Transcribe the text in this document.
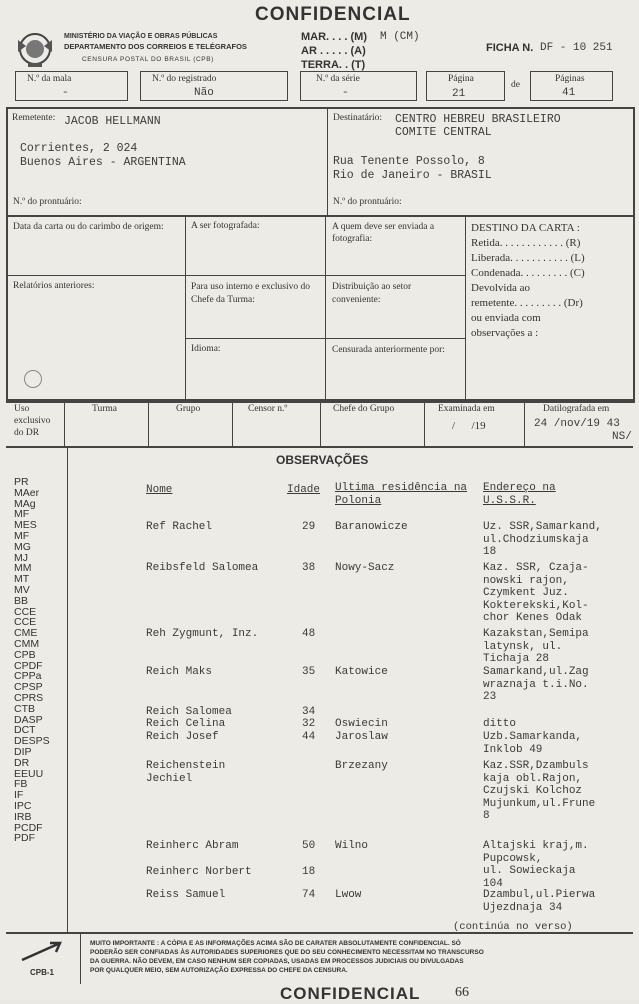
CONFIDENCIAL
MINISTÉRIO DA VIAÇÃO E OBRAS PÚBLICAS
DEPARTAMENTO DOS CORREIOS E TELÉGRAFOS
CENSURA POSTAL DO BRASIL (CPB)
MAR. . . . (M) M (CM)
AR . . . . . (A)
TERRA. . (T)
FICHA N. DF - 10 251
N.º da mala
-
N.º do registrado
Não
N.º da série
-
Página
21
de
Páginas
41
Remetente: JACOB HELLMANN
Corrientes, 2 024
Buenos Aires - ARGENTINA
N.º do prontuário:
Destinatário: CENTRO HEBREU BRASILEIRO
COMITE CENTRAL
Rua Tenente Possolo, 8
Rio de Janeiro - BRASIL
N.º do prontuário:
Data da carta ou do carimbo de origem:	A ser fotografada:	A quem deve ser enviada a fotografia:
DESTINO DA CARTA :
Retida. . . . . . . . . . . . (R)
Liberada. . . . . . . . . . . (L)
Condenada. . . . . . . . . (C)
Devolvida ao
remetente. . . . . . . . . (Dr)
ou enviada com
observações a :
Relatórios anteriores:	Para uso interno e exclusivo do Chefe da Turma:
Distribuição ao setor conveniente:
Idioma:	Censurada anteriormente por:
Uso exclusivo do DR
Turma	Grupo	Censor n.º	Chefe do Grupo	Examinada em
/      /19
Datilografada em
24 /nov/19 43
NS/
OBSERVAÇÕES
PR
MAer
MAg
MF
MES
MF
MG
MJ
MM
MT
MV
BB
CCE
CCE
CME
CMM
CPB
CPDF
CPPa
CPSP
CPRS
CTB
DASP
DCT
DESPS
DIP
DR
EEUU
FB
IF
IPC
IRB
PCDF
PDF
Nome	Idade Ultima residência na Polonia
Endereço na U.S.S.R.
Ref Rachel	29 Baranowicze	Uz. SSR,Samarkand,
ul.Chodziumskaja
18
Reibsfeld Salomea	38 Nowy-Sacz	Kaz. SSR, Czaja-
nowski rajon,
Czymkent Juz.
Kokterekski,Kol-
chor Kenes Odak
Reh Zygmunt, Inz.	48	Kazakstan,Semipa
latynsk, ul.
Tichaja 28
Reich Maks	35 Katowice	Samarkand,ul.Zag
wraznaja t.i.No.
23
Reich Salomea	34
Reich Celina	32 Oswiecin	ditto
Reich Josef	44 Jaroslaw	Uzb.Samarkanda,
Inklob 49
Reichenstein
Jechiel
Brzezany	Kaz.SSR,Dzambuls
kaja obl.Rajon,
Czujski Kolchoz
Mujunkum,ul.Frune
8
Reinherc Abram	50 Wilno	Altajski kraj,m.
Pupcowsk,
ul. Sowieckaja
104
Reinherc Norbert	18
Reiss Samuel	74 Lwow	Dzambul,ul.Pierwa
Ujezdnaja 34
(continúa no verso)
CPB-1
MUITO IMPORTANTE : A CÓPIA E AS INFORMAÇÕES ACIMA SÃO DE CARATER ABSOLUTAMENTE CONFIDENCIAL. SÓ
PODERÃO SER CONFIADAS ÀS AUTORIDADES SUPERIORES QUE DO SEU CONHECIMENTO NECESSITAM NO TRANSCURSO
DA GUERRA. NÃO DEVEM, EM CASO NENHUM SER COPIADAS, USADAS EM PROCESSOS JUDICIAIS OU DIVULGADAS
POR QUALQUER MEIO, SEM AUTORIZAÇÃO EXPRESSA DO CHEFE DA CENSURA.
CONFIDENCIAL 66
